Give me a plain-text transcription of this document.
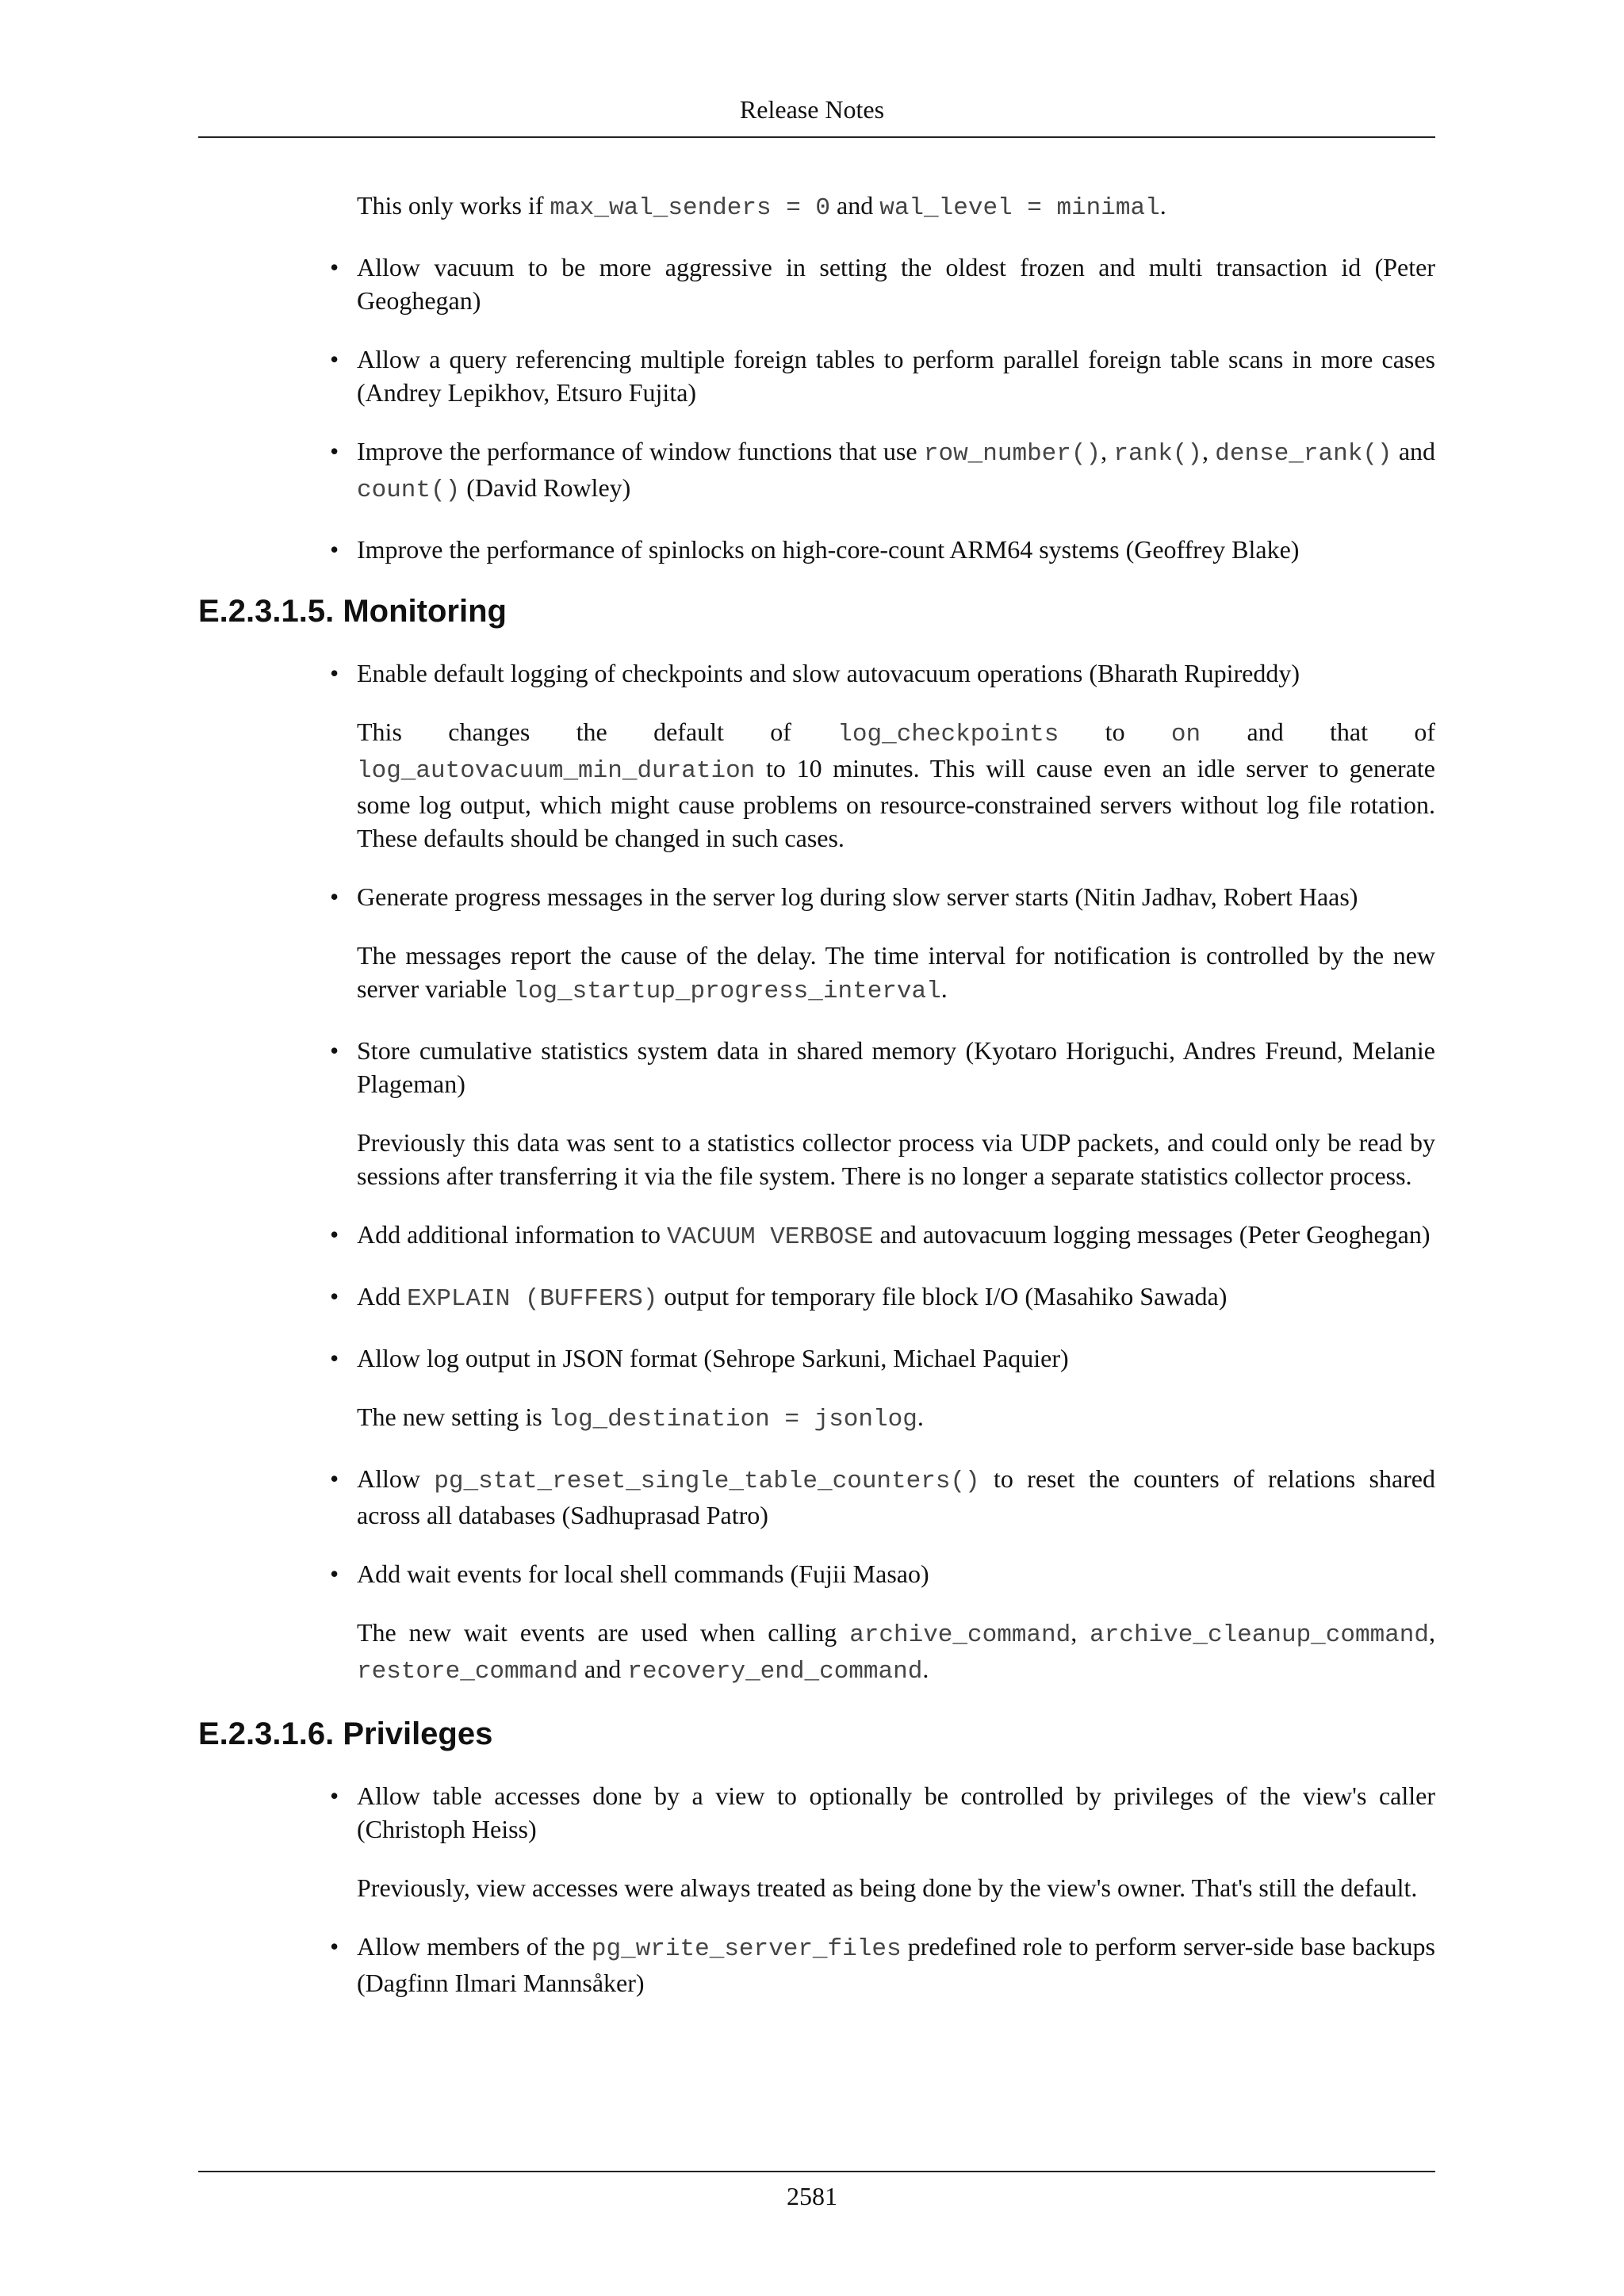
Release Notes

This only works if max_wal_senders = 0 and wal_level = minimal.

• Allow vacuum to be more aggressive in setting the oldest frozen and multi transaction id (Peter Geoghegan)

• Allow a query referencing multiple foreign tables to perform parallel foreign table scans in more cases (Andrey Lepikhov, Etsuro Fujita)

• Improve the performance of window functions that use row_number(), rank(), dense_rank() and count() (David Rowley)

• Improve the performance of spinlocks on high-core-count ARM64 systems (Geoffrey Blake)

E.2.3.1.5. Monitoring

• Enable default logging of checkpoints and slow autovacuum operations (Bharath Rupireddy)

This changes the default of log_checkpoints to on and that of log_autovacuum_min_duration to 10 minutes. This will cause even an idle server to generate some log output, which might cause problems on resource-constrained servers without log file rotation. These defaults should be changed in such cases.

• Generate progress messages in the server log during slow server starts (Nitin Jadhav, Robert Haas)

The messages report the cause of the delay. The time interval for notification is controlled by the new server variable log_startup_progress_interval.

• Store cumulative statistics system data in shared memory (Kyotaro Horiguchi, Andres Freund, Melanie Plageman)

Previously this data was sent to a statistics collector process via UDP packets, and could only be read by sessions after transferring it via the file system. There is no longer a separate statistics collector process.

• Add additional information to VACUUM VERBOSE and autovacuum logging messages (Peter Geoghegan)

• Add EXPLAIN (BUFFERS) output for temporary file block I/O (Masahiko Sawada)

• Allow log output in JSON format (Sehrope Sarkuni, Michael Paquier)

The new setting is log_destination = jsonlog.

• Allow pg_stat_reset_single_table_counters() to reset the counters of relations shared across all databases (Sadhuprasad Patro)

• Add wait events for local shell commands (Fujii Masao)

The new wait events are used when calling archive_command, archive_cleanup_command, restore_command and recovery_end_command.

E.2.3.1.6. Privileges

• Allow table accesses done by a view to optionally be controlled by privileges of the view's caller (Christoph Heiss)

Previously, view accesses were always treated as being done by the view's owner. That's still the default.

• Allow members of the pg_write_server_files predefined role to perform server-side base backups (Dagfinn Ilmari Mannsåker)

2581
